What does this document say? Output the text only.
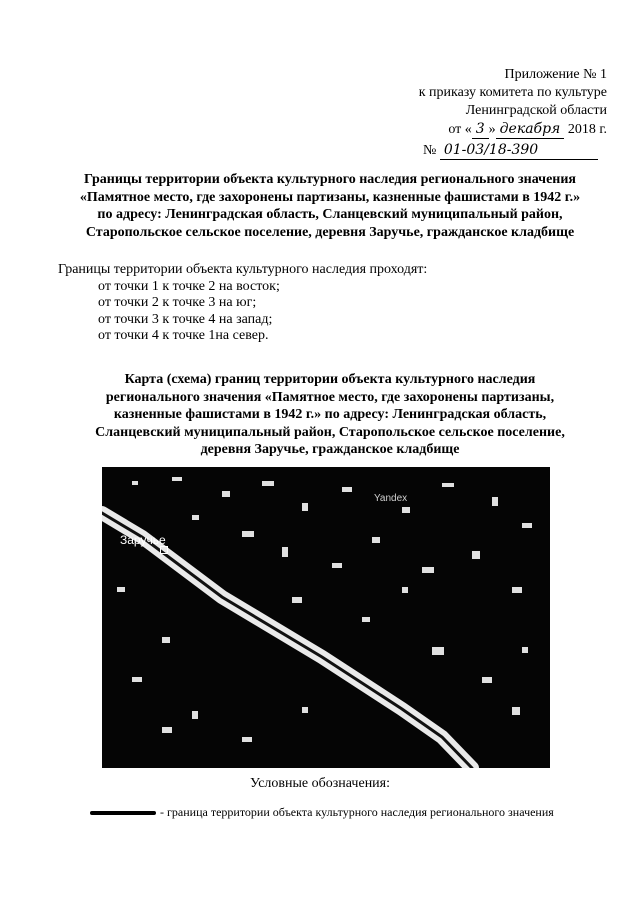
Приложение № 1
к приказу комитета по культуре
Ленинградской области
от « 3 » декабря 2018 г.
№ 01-03/18-390
Границы территории объекта культурного наследия регионального значения
«Памятное место, где захоронены партизаны, казненные фашистами в 1942 г.»
по адресу: Ленинградская область, Сланцевский муниципальный район,
Старопольское сельское поселение, деревня Заручье, гражданское кладбище
Границы территории объекта культурного наследия проходят:
от точки 1 к точке 2 на восток;
от точки 2 к точке 3 на юг;
от точки 3 к точке 4 на запад;
от точки 4 к точке 1на север.
Карта (схема) границ территории объекта культурного наследия
регионального значения «Памятное место, где захоронены партизаны,
казненные фашистами в 1942 г.» по адресу: Ленинградская область,
Сланцевский муниципальный район, Старопольское сельское поселение,
деревня Заручье, гражданское кладбище
Yandex
Заручье
Условные обозначения:
- граница территории объекта культурного наследия регионального значения
